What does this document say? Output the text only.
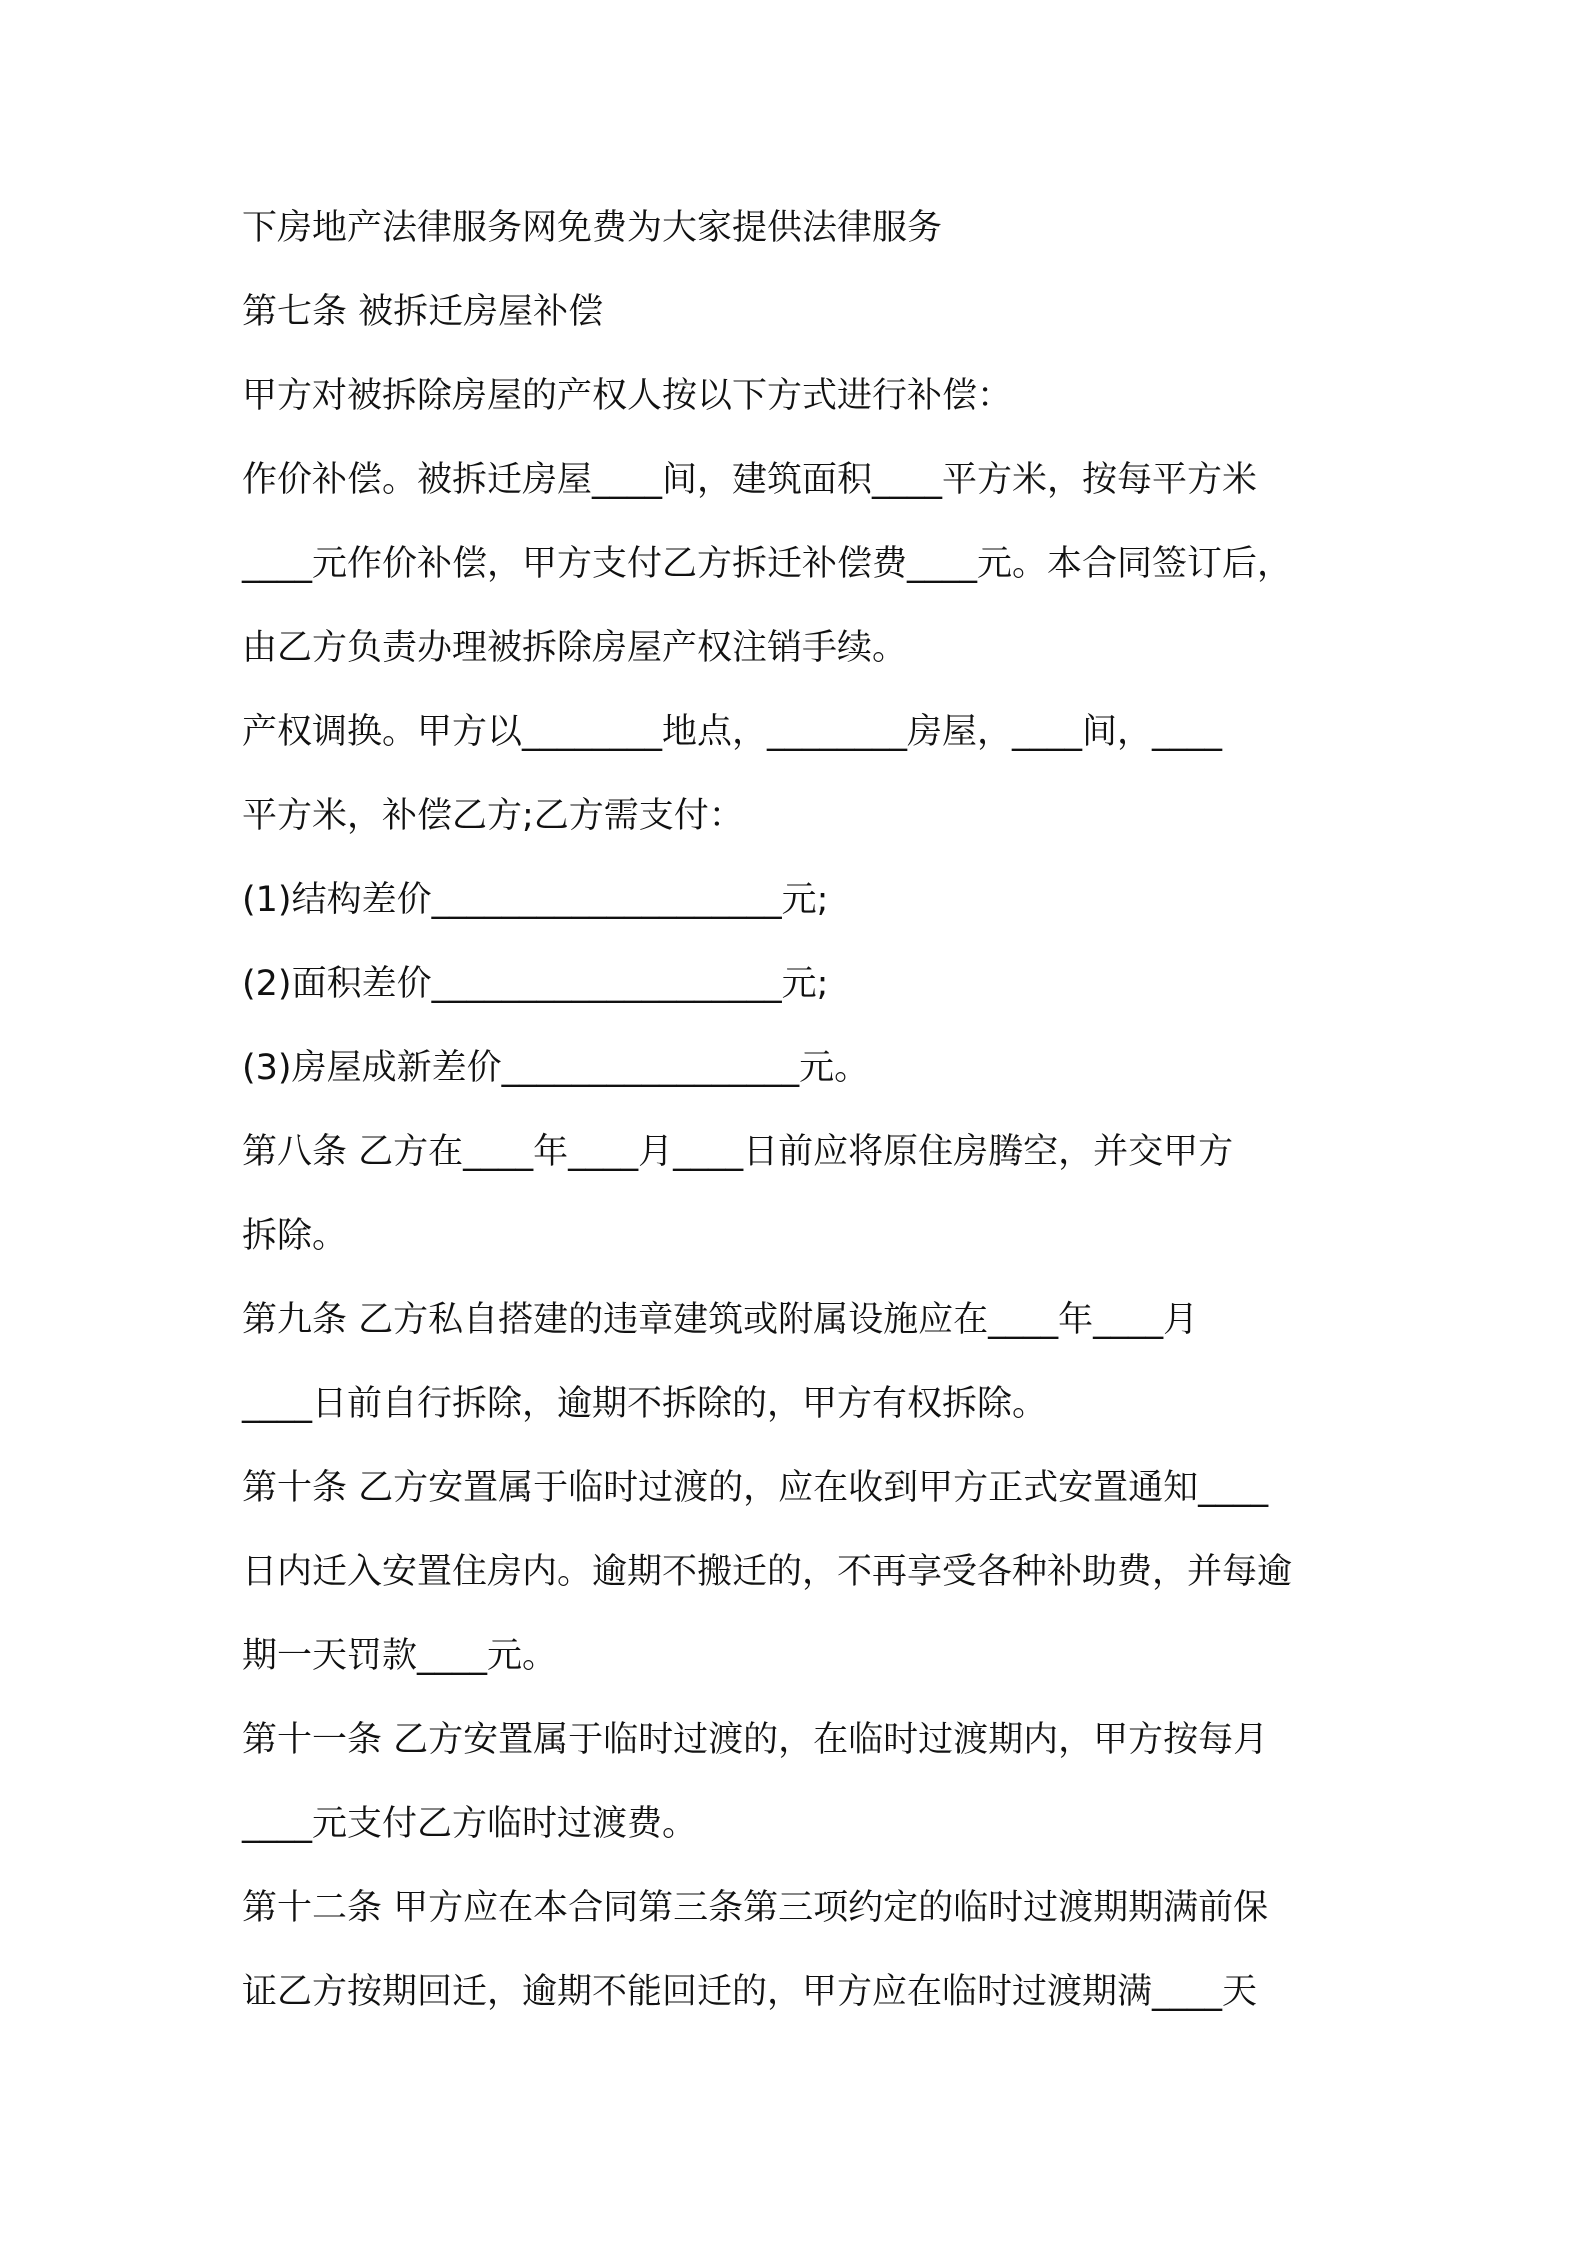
下房地产法律服务网免费为大家提供法律服务
第七条 被拆迁房屋补偿
甲方对被拆除房屋的产权人按以下方式进行补偿：
作价补偿。被拆迁房屋____间，建筑面积____平方米，按每平方米
____元作价补偿，甲方支付乙方拆迁补偿费____元。本合同签订后，
由乙方负责办理被拆除房屋产权注销手续。
产权调换。甲方以________地点，________房屋，____间，____
平方米，补偿乙方;乙方需支付：
(1)结构差价____________________元;
(2)面积差价____________________元;
(3)房屋成新差价_________________元。
第八条 乙方在____年____月____日前应将原住房腾空，并交甲方
拆除。
第九条 乙方私自搭建的违章建筑或附属设施应在____年____月
____日前自行拆除，逾期不拆除的，甲方有权拆除。
第十条 乙方安置属于临时过渡的，应在收到甲方正式安置通知____
日内迁入安置住房内。逾期不搬迁的，不再享受各种补助费，并每逾
期一天罚款____元。
第十一条 乙方安置属于临时过渡的，在临时过渡期内，甲方按每月
____元支付乙方临时过渡费。
第十二条 甲方应在本合同第三条第三项约定的临时过渡期期满前保
证乙方按期回迁，逾期不能回迁的，甲方应在临时过渡期满____天
